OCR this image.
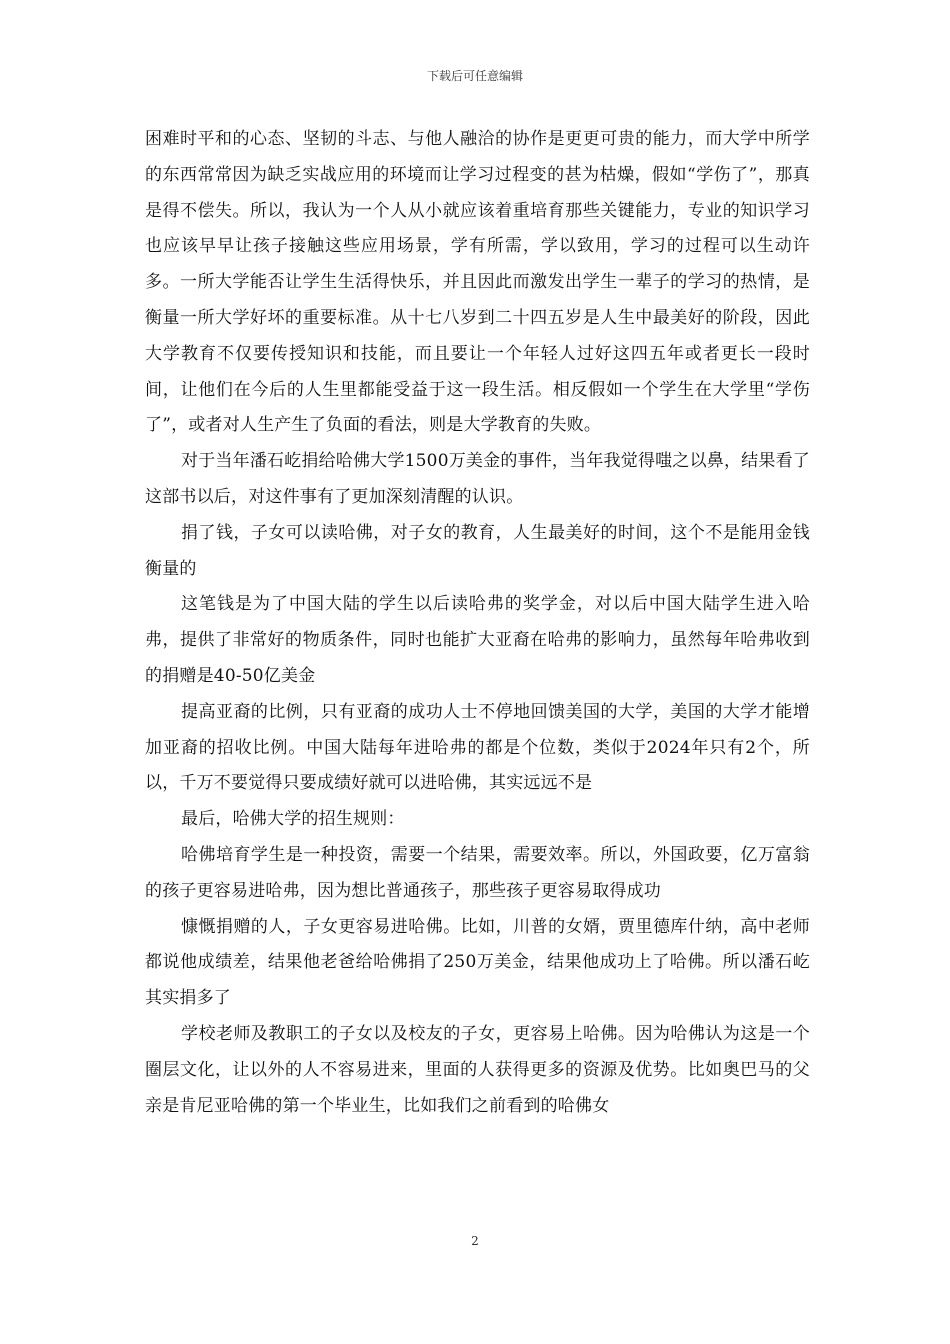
下载后可任意编辑

困难时平和的心态、坚韧的斗志、与他人融洽的协作是更更可贵的能力，而大学中所学的东西常常因为缺乏实战应用的环境而让学习过程变的甚为枯燥，假如“学伤了”，那真是得不偿失。所以，我认为一个人从小就应该着重培育那些关键能力，专业的知识学习也应该早早让孩子接触这些应用场景，学有所需，学以致用，学习的过程可以生动许多。一所大学能否让学生生活得快乐，并且因此而激发出学生一辈子的学习的热情，是衡量一所大学好坏的重要标准。从十七八岁到二十四五岁是人生中最美好的阶段，因此大学教育不仅要传授知识和技能，而且要让一个年轻人过好这四五年或者更长一段时间，让他们在今后的人生里都能受益于这一段生活。相反假如一个学生在大学里“学伤了”，或者对人生产生了负面的看法，则是大学教育的失败。

对于当年潘石屹捐给哈佛大学1500万美金的事件，当年我觉得嗤之以鼻，结果看了这部书以后，对这件事有了更加深刻清醒的认识。

捐了钱，子女可以读哈佛，对子女的教育，人生最美好的时间，这个不是能用金钱衡量的

这笔钱是为了中国大陆的学生以后读哈弗的奖学金，对以后中国大陆学生进入哈弗，提供了非常好的物质条件，同时也能扩大亚裔在哈弗的影响力，虽然每年哈弗收到的捐赠是40-50亿美金

提高亚裔的比例，只有亚裔的成功人士不停地回馈美国的大学，美国的大学才能增加亚裔的招收比例。中国大陆每年进哈弗的都是个位数，类似于2024年只有2个，所以，千万不要觉得只要成绩好就可以进哈佛，其实远远不是

最后，哈佛大学的招生规则：

哈佛培育学生是一种投资，需要一个结果，需要效率。所以，外国政要，亿万富翁的孩子更容易进哈弗，因为想比普通孩子，那些孩子更容易取得成功

慷慨捐赠的人，子女更容易进哈佛。比如，川普的女婿，贾里德库什纳，高中老师都说他成绩差，结果他老爸给哈佛捐了250万美金，结果他成功上了哈佛。所以潘石屹其实捐多了

学校老师及教职工的子女以及校友的子女，更容易上哈佛。因为哈佛认为这是一个圈层文化，让以外的人不容易进来，里面的人获得更多的资源及优势。比如奥巴马的父亲是肯尼亚哈佛的第一个毕业生，比如我们之前看到的哈佛女

2
